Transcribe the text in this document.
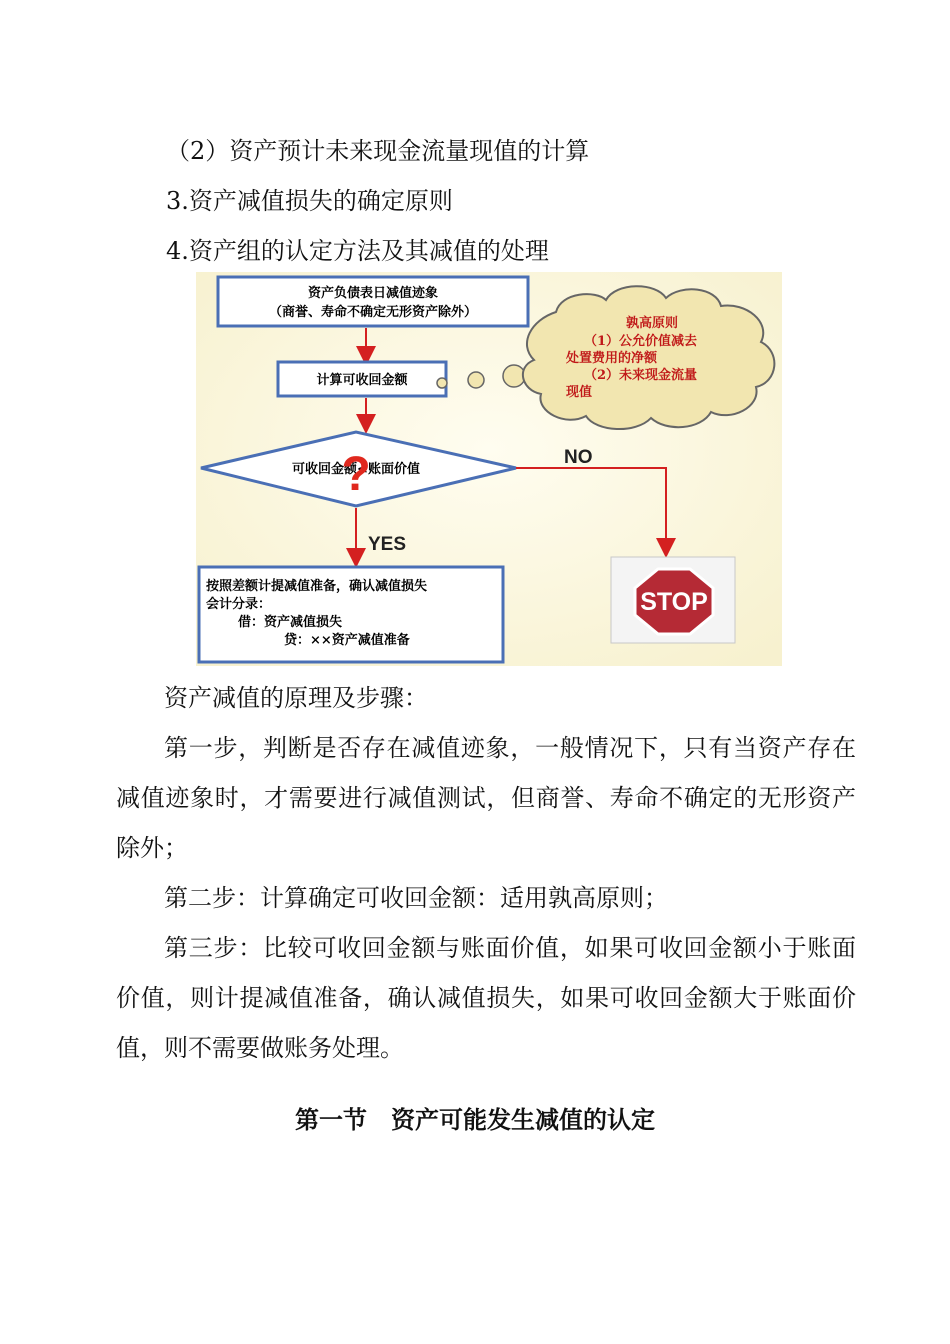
（2）资产预计未来现金流量现值的计算
3.资产减值损失的确定原则
4.资产组的认定方法及其减值的处理
资产负债表日减值迹象
（商誉、寿命不确定无形资产除外）
计算可收回金额
孰高原则
（1）公允价值减去
处置费用的净额
（2）未来现金流量
现值
可收回金额<账面价值
?	NO
YES
按照差额计提减值准备，确认减值损失
会计分录：
借：资产减值损失
贷：××资产减值准备
STOP
资产减值的原理及步骤：
第一步，判断是否存在减值迹象，一般情况下，只有当资产存在减值迹象时，才需要进行减值测试，但商誉、寿命不确定的无形资产除外；
第二步：计算确定可收回金额：适用孰高原则；
第三步：比较可收回金额与账面价值，如果可收回金额小于账面价值，则计提减值准备，确认减值损失，如果可收回金额大于账面价值，则不需要做账务处理。
第一节　资产可能发生减值的认定
